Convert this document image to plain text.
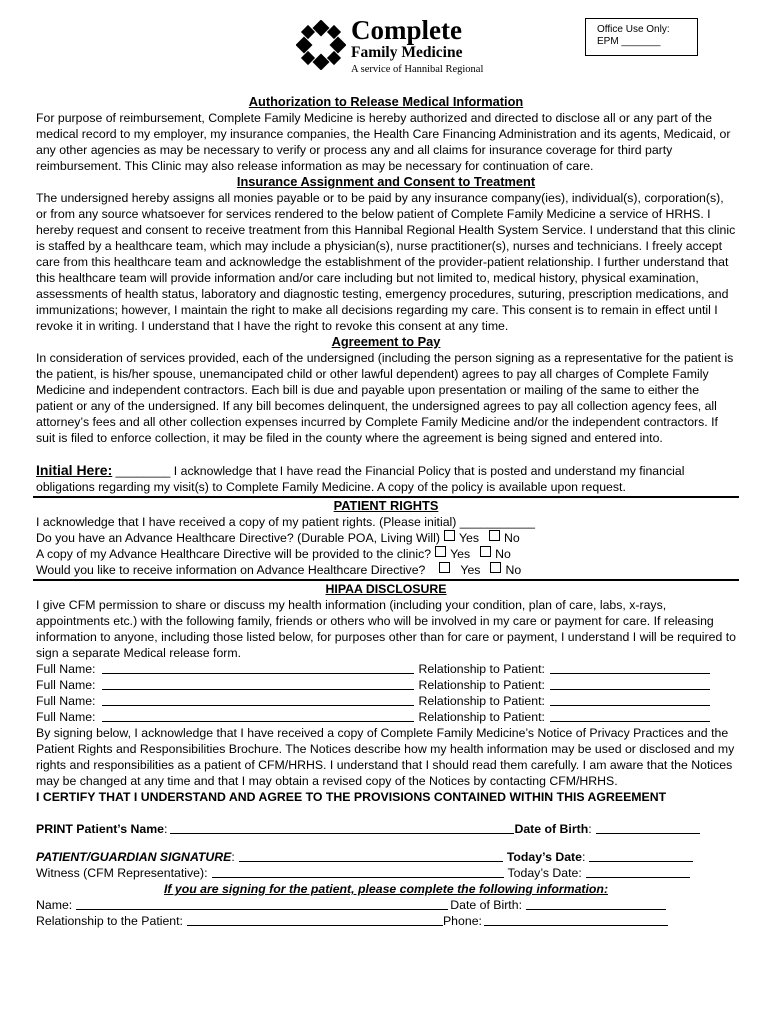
Complete
Family Medicine
A service of Hannibal Regional
Office Use Only:
EPM _______
Authorization to Release Medical Information

For purpose of reimbursement, Complete Family Medicine is hereby authorized and directed to disclose all or any part of the medical record to my employer, my insurance companies, the Health Care Financing Administration and its agents, Medicaid, or any other agencies as may be necessary to verify or process any and all claims for insurance coverage for third party reimbursement. This Clinic may also release information as may be necessary for continuation of care.

Insurance Assignment and Consent to Treatment

The undersigned hereby assigns all monies payable or to be paid by any insurance company(ies), individual(s), corporation(s), or from any source whatsoever for services rendered to the below patient of Complete Family Medicine a service of HRHS. I hereby request and consent to receive treatment from this Hannibal Regional Health System Service. I understand that this clinic is staffed by a healthcare team, which may include a physician(s), nurse practitioner(s), nurses and technicians. I freely accept care from this healthcare team and acknowledge the establishment of the provider-patient relationship. I further understand that this healthcare team will provide information and/or care including but not limited to, medical history, physical examination, assessments of health status, laboratory and diagnostic testing, emergency procedures, suturing, prescription medications, and immunizations; however, I maintain the right to make all decisions regarding my care. This consent is to remain in effect until I revoke it in writing. I understand that I have the right to revoke this consent at any time.

Agreement to Pay

In consideration of services provided, each of the undersigned (including the person signing as a representative for the patient is the patient, is his/her spouse, unemancipated child or other lawful dependent) agrees to pay all charges of Complete Family Medicine and independent contractors. Each bill is due and payable upon presentation or mailing of the same to either the patient or any of the undersigned. If any bill becomes delinquent, the undersigned agrees to pay all collection agency fees, all attorney’s fees and all other collection expenses incurred by Complete Family Medicine and/or the independent contractors. If suit is filed to enforce collection, it may be filed in the county where the agreement is being signed and entered into.

Initial Here: ________ I acknowledge that I have read the Financial Policy that is posted and understand my financial obligations regarding my visit(s) to Complete Family Medicine. A copy of the policy is available upon request.

PATIENT RIGHTS

I acknowledge that I have received a copy of my patient rights. (Please initial) ___________

Do you have an Advance Healthcare Directive? (Durable POA, Living Will) Yes No
A copy of my Advance Healthcare Directive will be provided to the clinic? Yes No
Would you like to receive information on Advance Healthcare Directive?	Yes No
HIPAA DISCLOSURE

I give CFM permission to share or discuss my health information (including your condition, plan of care, labs, x-rays, appointments etc.) with the following family, friends or others who will be involved in my care or payment for care. If releasing information to anyone, including those listed below, for purposes other than for care or payment, I understand I will be required to sign a separate Medical release form.

Full Name:	Relationship to Patient:
Full Name:	Relationship to Patient:
Full Name:	Relationship to Patient:
Full Name:	Relationship to Patient:

By signing below, I acknowledge that I have received a copy of Complete Family Medicine’s Notice of Privacy Practices and the Patient Rights and Responsibilities Brochure. The Notices describe how my health information may be used or disclosed and my rights and responsibilities as a patient of CFM/HRHS. I understand that I should read them carefully. I am aware that the Notices may be changed at any time and that I may obtain a revised copy of the Notices by contacting CFM/HRHS.

I CERTIFY THAT I UNDERSTAND AND AGREE TO THE PROVISIONS CONTAINED WITHIN THIS AGREEMENT

PRINT Patient’s Name :	Date of Birth :
PATIENT/GUARDIAN SIGNATURE :	Today’s Date :
Witness (CFM Representative):	Today’s Date:

If you are signing for the patient, please complete the following information:

Name:	Date of Birth:
Relationship to the Patient:	Phone:
